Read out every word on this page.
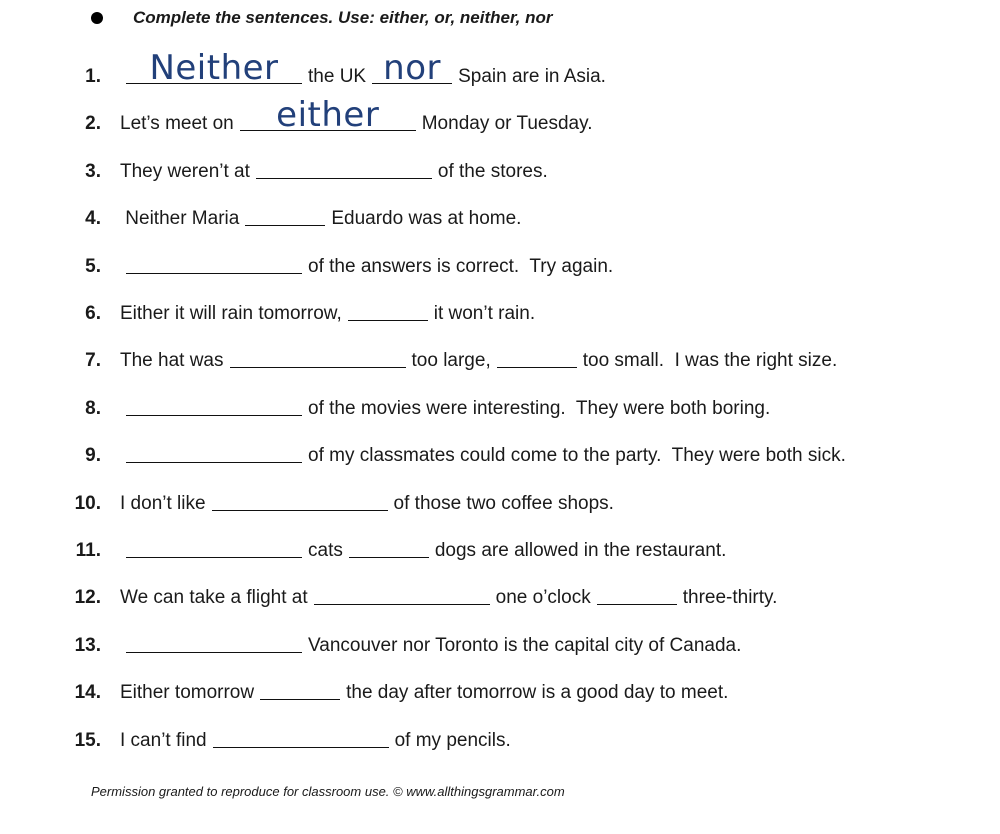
Complete the sentences. Use: either, or, neither, nor
1.	Neither	the UK nor Spain are in Asia.
2.	Let’s meet on	either	Monday or Tuesday.
3.	They weren’t at	of the stores.
4.	Neither Maria	Eduardo was at home.
5.	of the answers is correct.  Try again.
6.	Either it will rain tomorrow,	it won’t rain.
7.	The hat was	too large,	too small.  I was the right size.
8.	of the movies were interesting.  They were both boring.
9.	of my classmates could come to the party.  They were both sick.
10.	I don’t like	of those two coffee shops.
11.	cats	dogs are allowed in the restaurant.
12.	We can take a flight at	one o’clock	three-thirty.
13.	Vancouver nor Toronto is the capital city of Canada.
14.	Either tomorrow	the day after tomorrow is a good day to meet.
15.	I can’t find	of my pencils.
Permission granted to reproduce for classroom use. © www.allthingsgrammar.com
